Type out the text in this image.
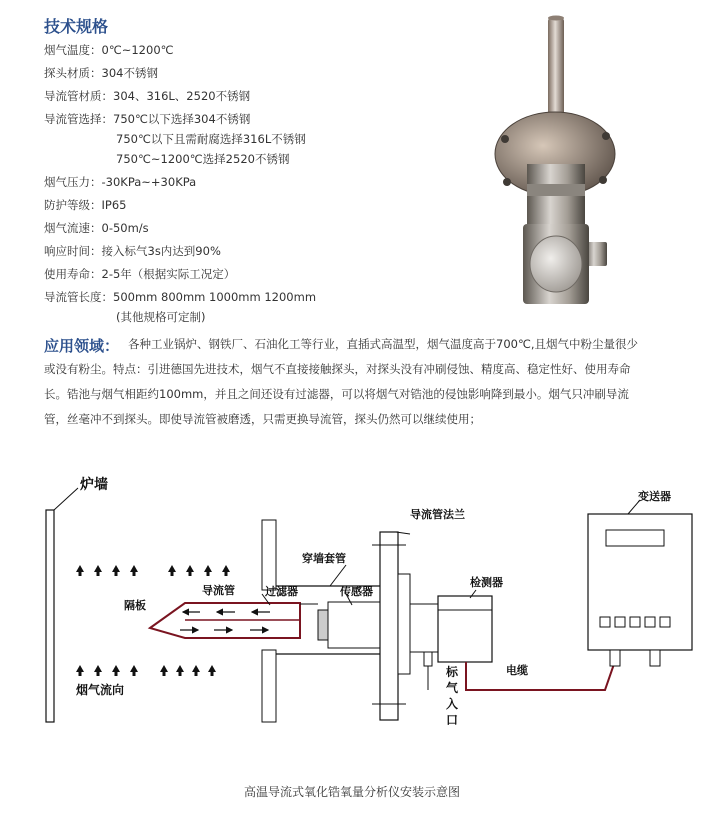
技术规格
烟气温度：0℃~1200℃
探头材质：304不锈钢
导流管材质：304、316L、2520不锈钢
导流管选择：750℃以下选择304不锈钢
750℃以下且需耐腐选择316L不锈钢
750℃~1200℃选择2520不锈钢
烟气压力：-30KPa~+30KPa
防护等级：IP65
烟气流速：0-50m/s
响应时间：接入标气3s内达到90%
使用寿命：2-5年（根据实际工况定）
导流管长度：500mm 800mm 1000mm 1200mm
(其他规格可定制)
应用领域： 各种工业锅炉、钢铁厂、石油化工等行业，直插式高温型，烟气温度高于700℃,且烟气中粉尘量很少
或没有粉尘。特点：引进德国先进技术，烟气不直接接触探头，对探头没有冲刷侵蚀、精度高、稳定性好、使用寿命
长。锆池与烟气相距约100mm，并且之间还设有过滤器，可以将烟气对锆池的侵蚀影响降到最小。烟气只冲刷导流
管，丝毫冲不到探头。即使导流管被磨透，只需更换导流管，探头仍然可以继续使用；
炉墙
导流管法兰
变送器
穿墙套管
导流管	过滤器	传感器
检测器
隔板
电缆
标气入口
烟气流向
高温导流式氧化锆氧量分析仪安装示意图
